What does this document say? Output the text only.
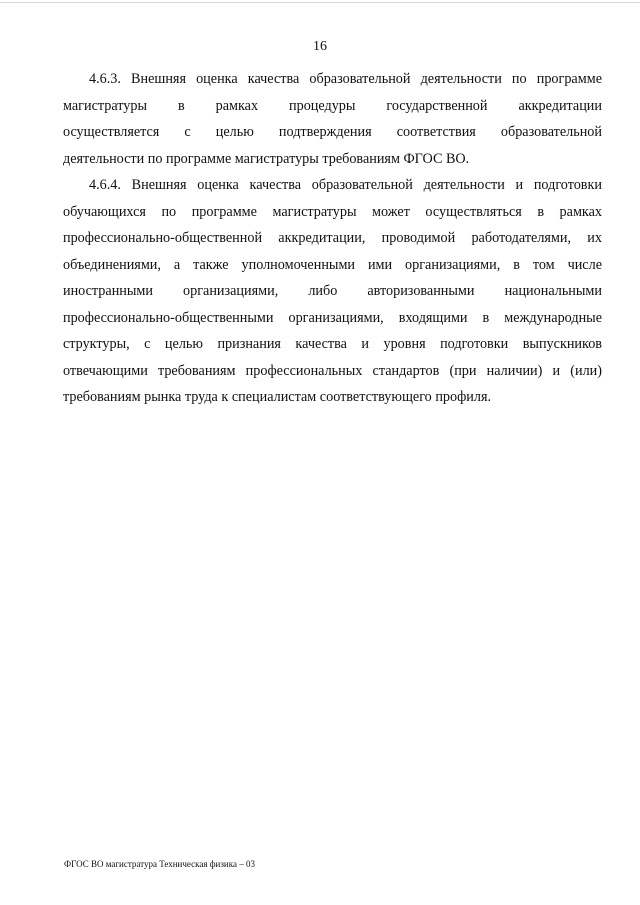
16
4.6.3. Внешняя оценка качества образовательной деятельности по программе
магистратуры в рамках процедуры государственной аккредитации
осуществляется с целью подтверждения соответствия образовательной
деятельности по программе магистратуры требованиям ФГОС ВО.
4.6.4. Внешняя оценка качества образовательной деятельности и подготовки
обучающихся по программе магистратуры может осуществляться в рамках
профессионально-общественной аккредитации, проводимой работодателями, их
объединениями, а также уполномоченными ими организациями, в том числе
иностранными организациями, либо авторизованными национальными
профессионально-общественными организациями, входящими в международные
структуры, с целью признания качества и уровня подготовки выпускников
отвечающими требованиям профессиональных стандартов (при наличии) и (или)
требованиям рынка труда к специалистам соответствующего профиля.
ФГОС ВО магистратура Техническая физика – 03
